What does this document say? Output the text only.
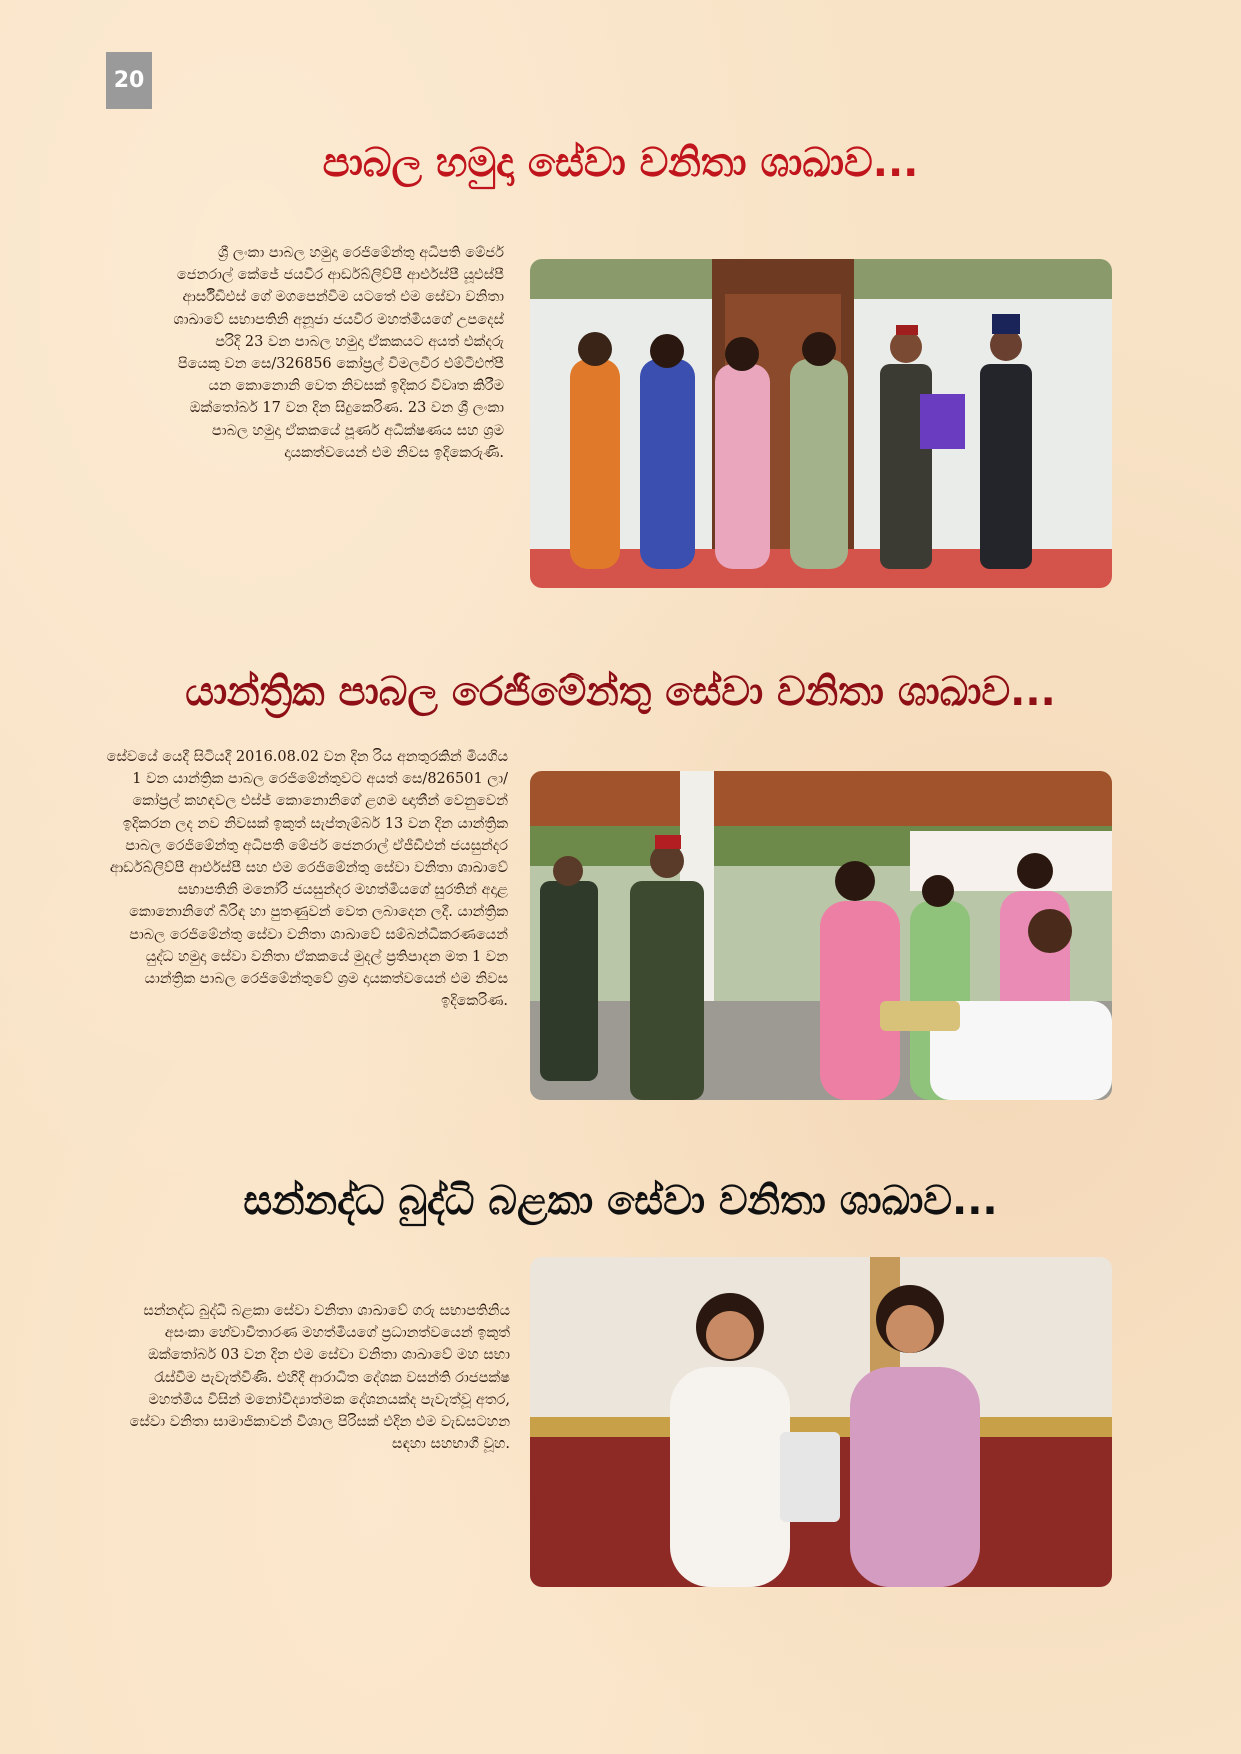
20
පාබල හමුදා සේවා වනිතා ශාඛාව...

ශ්‍රී ලංකා පාබල හමුදා රෙජිමේන්තු අධිපති මේජර් ජෙනරාල් කේජේ ජයවීර ආර්ඩබ්ලිව්පී ආර්එස්පී යූඑස්පී ආර්සීඩීඑස් ගේ මගපෙන්වීම යටතේ එම සේවා වනිතා ශාඛාවේ සභාපතිනි අනූජා ජයවීර මහත්මියගේ උපදෙස් පරිදි 23 වන පාබල හමුදා ඒකකයට අයත් එක්දරු පියෙකු වන සෙ/326856 කෝප්‍රල් විමලවීර එම්ටීඑෆ්පී යන කොනොනි වෙත නිවසක් ඉදිකර විවෘත කිරීම ඔක්තෝබර් 17 වන දින සිදුකෙරිණ. 23 වන ශ්‍රී ලංකා පාබල හමුදා ඒකකයේ පූර්ණ අධීක්ෂණය සහ ශ්‍රම දායකත්වයෙන් එම නිවස ඉදිකෙරුණි.

යාන්ත්‍රික පාබල රෙජිමේන්තු සේවා වනිතා ශාඛාව...

සේවයේ යෙදී සිටියදී 2016.08.02 වන දින රිය අනතුරකින් මියගිය 1 වන යාන්ත්‍රික පාබල රෙජිමේන්තුවට අයත් සෙ/826501 ලා/කෝප්‍රල් කහඳවල එස්ජ් කොනොනිගේ ළගම ඥාතීන් වෙනුවෙන් ඉදිකරන ලද නව නිවසක් ඉකුත් සැප්තැම්බර් 13 වන දින යාන්ත්‍රික පාබල රෙජිමේන්තු අධිපති මේජර් ජෙනරාල් ඒජීඩීඑන් ජයසුන්දර ආර්ඩබ්ලිව්පී ආර්එස්පී සහ එම රෙජිමේන්තු සේවා වනිතා ශාඛාවේ සභාපතිනි මනෝරි ජයසුන්දර මහත්මියගේ සුරතින් අදාළ කොනොනිගේ බිරිඳ හා පුතණුවන් වෙත ලබාදෙන ලදී. යාන්ත්‍රික පාබල රෙජිමේන්තු සේවා වනිතා ශාඛාවේ සම්බන්ධීකරණයෙන් යුද්ධ හමුදා සේවා වනිතා ඒකකයේ මුදල් ප්‍රතිපාදන මත 1 වන යාන්ත්‍රික පාබල රෙජිමේන්තුවේ ශ්‍රම දායකත්වයෙන් එම නිවස ඉදිකෙරිණ.

සන්නද්ධ බුද්ධි බළකා සේවා වනිතා ශාඛාව...

සන්නද්ධ බුද්ධි බළකා සේවා වනිතා ශාඛාවේ ගරු සභාපතිනිය අසංකා හේවාවිතාරණ මහත්මියගේ ප්‍රධානත්වයෙන් ඉකුත් ඔක්තෝබර් 03 වන දින එම සේවා වනිතා ශාඛාවේ මහ සභා රැස්වීම පැවැත්විණි. එහිදී ආරාධිත දේශක වසන්ති රාජපක්ෂ මහත්මිය විසින් මනෝවිද්‍යාත්මක දේශනයක්ද පැවැත්වූ අතර, සේවා වනිතා සාමාජිකාවන් විශාල පිරිසක් එදින එම වැඩසටහන සඳහා සහභාගී වූහ.
